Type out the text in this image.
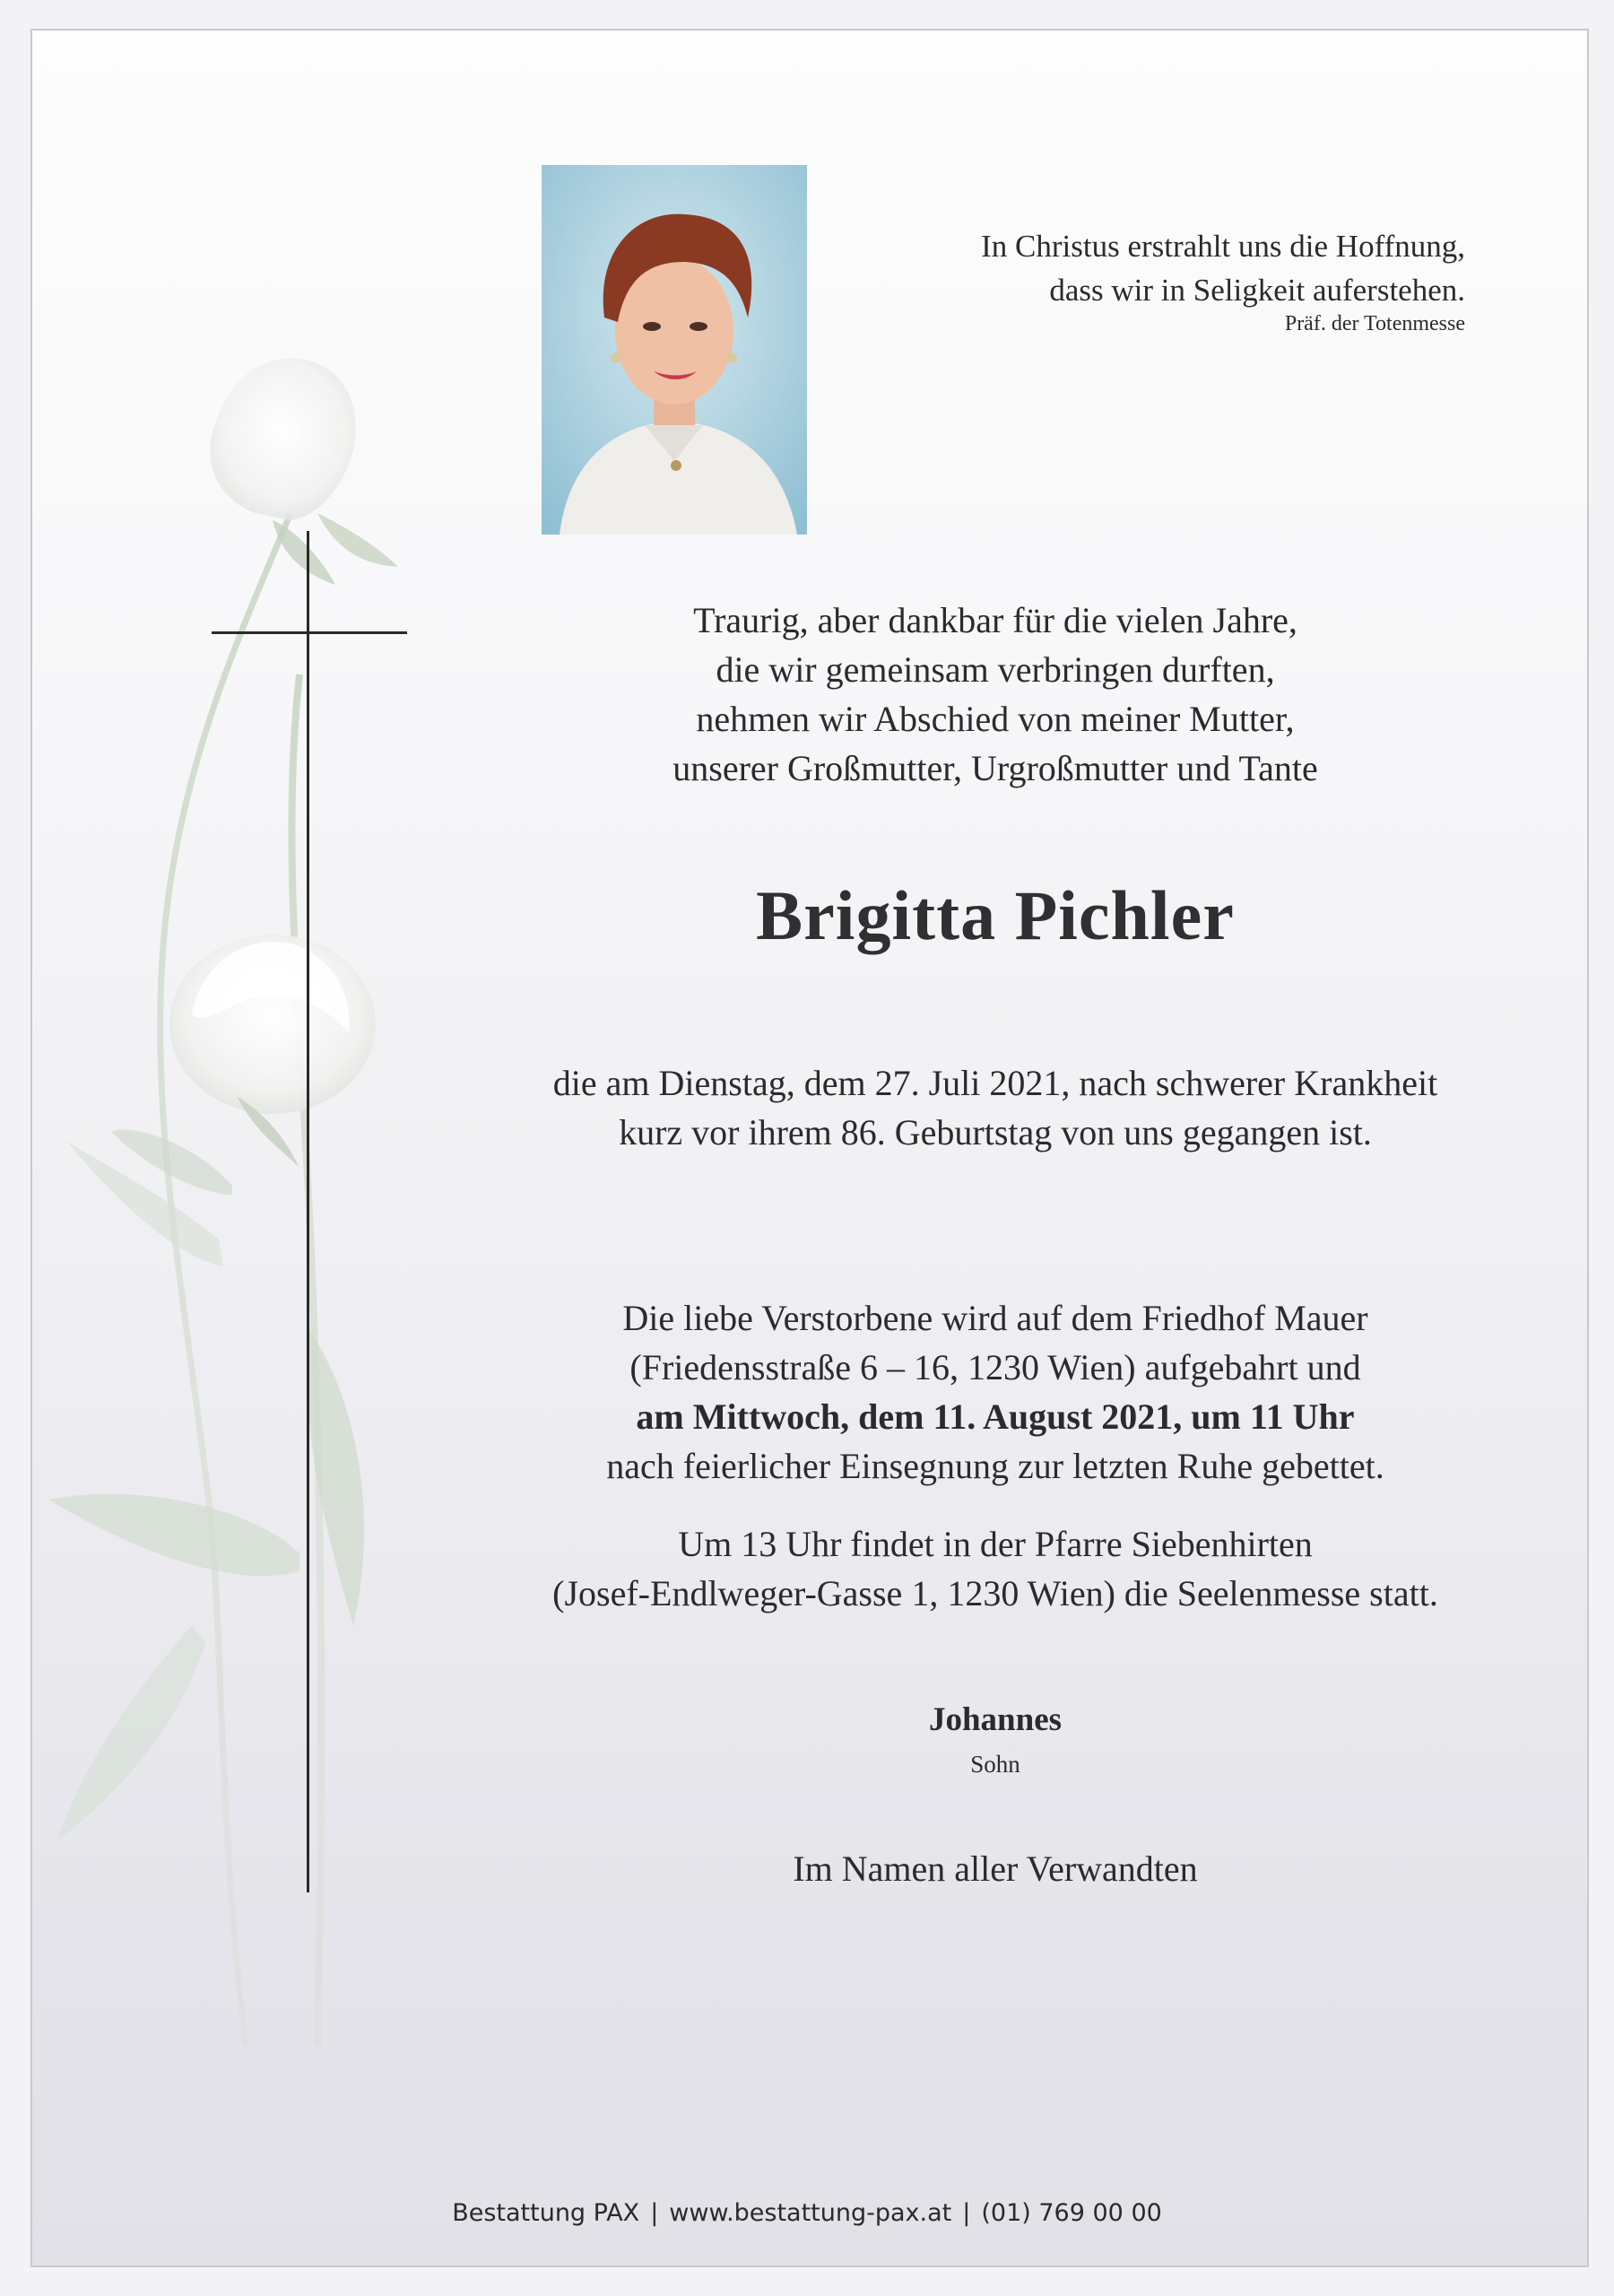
In Christus erstrahlt uns die Hoffnung,
dass wir in Seligkeit auferstehen.
Präf. der Totenmesse
Traurig, aber dankbar für die vielen Jahre,
die wir gemeinsam verbringen durften,
nehmen wir Abschied von meiner Mutter,
unserer Großmutter, Urgroßmutter und Tante
Brigitta Pichler
die am Dienstag, dem 27. Juli 2021, nach schwerer Krankheit
kurz vor ihrem 86. Geburtstag von uns gegangen ist.
Die liebe Verstorbene wird auf dem Friedhof Mauer
(Friedensstraße 6 – 16, 1230 Wien) aufgebahrt und
am Mittwoch, dem 11. August 2021, um 11 Uhr
nach feierlicher Einsegnung zur letzten Ruhe gebettet.
Um 13 Uhr findet in der Pfarre Siebenhirten
(Josef-Endlweger-Gasse 1, 1230 Wien) die Seelenmesse statt.
Johannes
Sohn
Im Namen aller Verwandten
Bestattung PAX | www.bestattung-pax.at | (01) 769 00 00
